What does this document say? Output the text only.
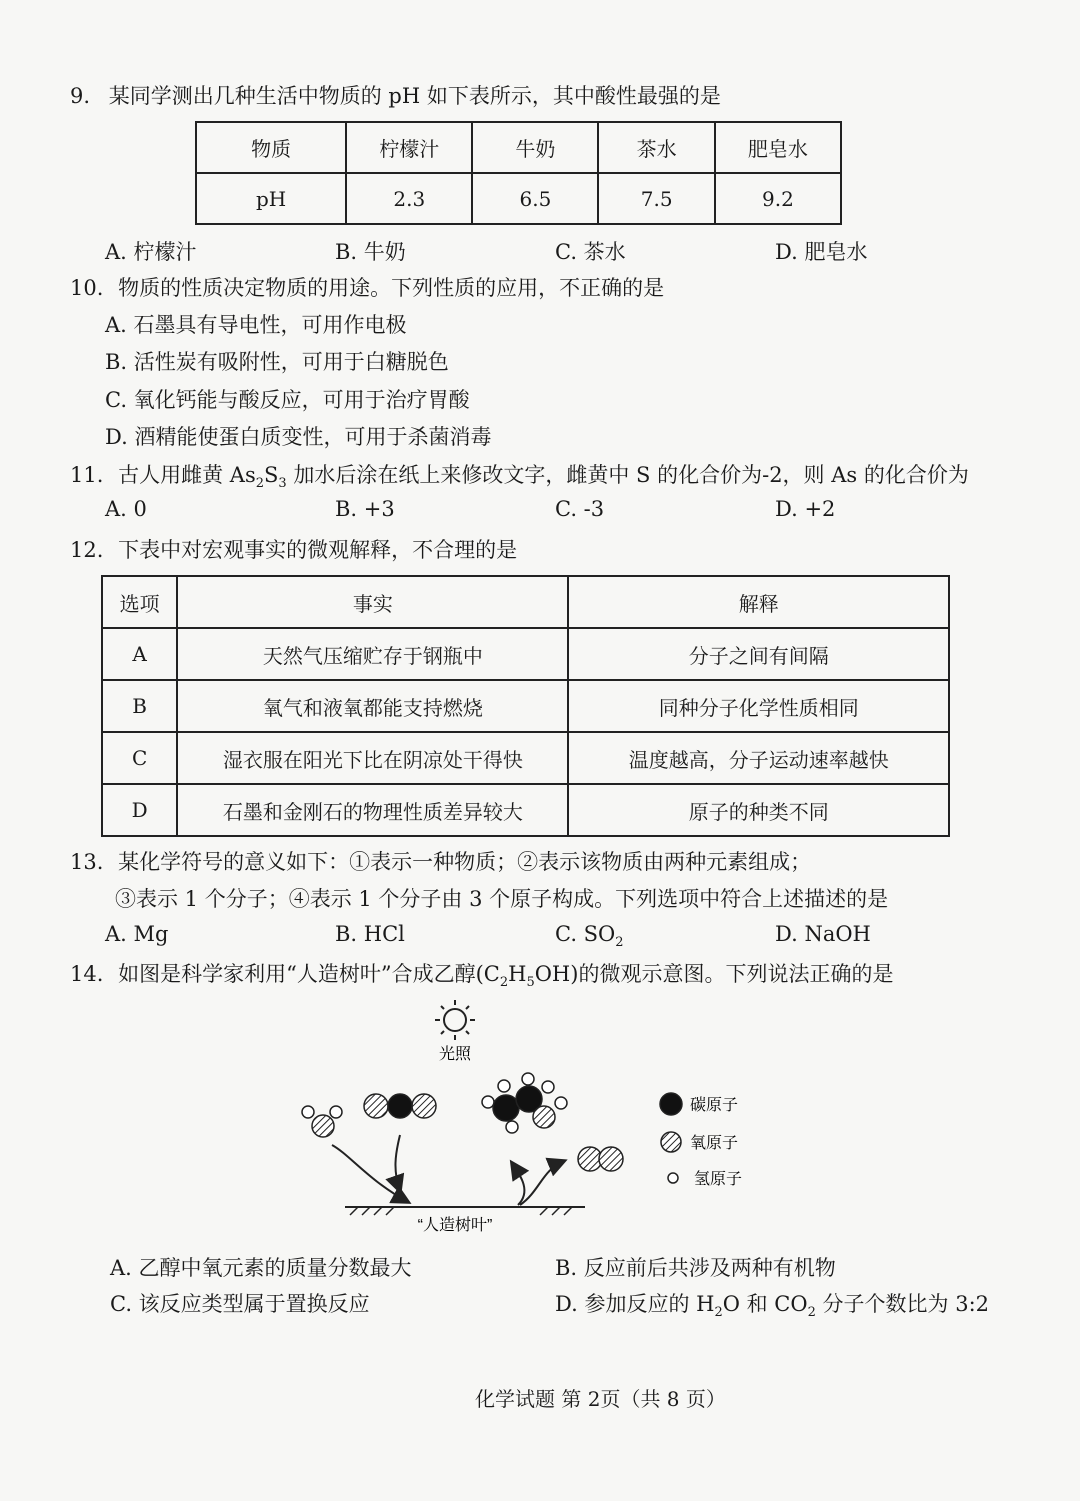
9. 某同学测出几种生活中物质的 pH 如下表所示，其中酸性最强的是
物质	柠檬汁	牛奶	茶水	肥皂水
pH	2.3	6.5	7.5	9.2
A. 柠檬汁	B. 牛奶	C. 茶水	D. 肥皂水
10. 物质的性质决定物质的用途。下列性质的应用，不正确的是
A. 石墨具有导电性，可用作电极
B. 活性炭有吸附性，可用于白糖脱色
C. 氧化钙能与酸反应，可用于治疗胃酸
D. 酒精能使蛋白质变性，可用于杀菌消毒
11. 古人用雌黄 $As_2S_3$ 加水后涂在纸上来修改文字，雌黄中 S 的化合价为-2，则 As 的化合价为
A. 0	B. +3	C. -3	D. +2
12. 下表中对宏观事实的微观解释，不合理的是
选项	事实	解释
A	天然气压缩贮存于钢瓶中	分子之间有间隔
B	氧气和液氧都能支持燃烧	同种分子化学性质相同
C	湿衣服在阳光下比在阴凉处干得快	温度越高，分子运动速率越快
D	石墨和金刚石的物理性质差异较大	原子的种类不同
13. 某化学符号的意义如下：①表示一种物质；②表示该物质由两种元素组成；
③表示 1 个分子；④表示 1 个分子由 3 个原子构成。下列选项中符合上述描述的是
A. Mg	B. HCl	C. $SO_2$	D. NaOH
14. 如图是科学家利用“人造树叶”合成乙醇$(C_2H_5OH)$的微观示意图。下列说法正确的是
光照
“人造树叶”
碳原子
氧原子
氢原子
A. 乙醇中氧元素的质量分数最大	B. 反应前后共涉及两种有机物
C. 该反应类型属于置换反应	D. 参加反应的 $H_2O$ 和 $CO_2$ 分子个数比为 3:2
化学试题 第 2页（共 8 页）
